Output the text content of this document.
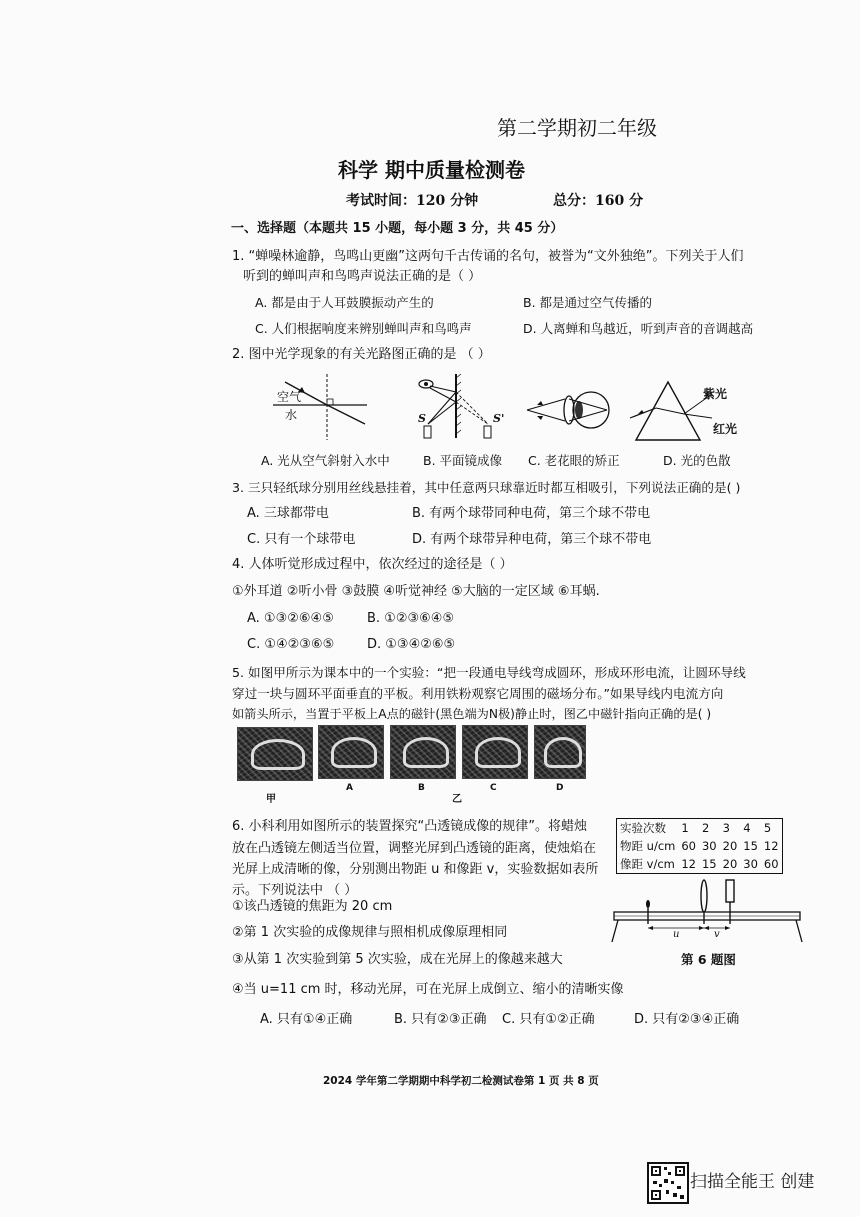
第二学期初二年级
科学 期中质量检测卷
考试时间：120 分钟	总分：160 分
一、选择题（本题共 15 小题，每小题 3 分，共 45 分）
1. “蝉噪林逾静，鸟鸣山更幽”这两句千古传诵的名句，被誉为“文外独绝”。下列关于人们
听到的蝉叫声和鸟鸣声说法正确的是（ ）
A. 都是由于人耳鼓膜振动产生的	B. 都是通过空气传播的
C. 人们根据响度来辨别蝉叫声和鸟鸣声	D. 人离蝉和鸟越近，听到声音的音调越高
2. 图中光学现象的有关光路图正确的是 （ ）
空气
水	S	S'
紫光
红光
A. 光从空气斜射入水中	B. 平面镜成像 C. 老花眼的矫正	D. 光的色散
3. 三只轻纸球分别用丝线悬挂着，其中任意两只球靠近时都互相吸引，下列说法正确的是( )
A. 三球都带电	B. 有两个球带同种电荷，第三个球不带电
C. 只有一个球带电	D. 有两个球带异种电荷，第三个球不带电
4. 人体听觉形成过程中，依次经过的途径是（ ）
①外耳道 ②听小骨 ③鼓膜 ④听觉神经 ⑤大脑的一定区域 ⑥耳蜗.
A. ①③②⑥④⑤	B. ①②③⑥④⑤
C. ①④②③⑥⑤	D. ①③④②⑥⑤
5. 如图甲所示为课本中的一个实验：“把一段通电导线弯成圆环，形成环形电流，让圆环导线
穿过一块与圆环平面垂直的平板。利用铁粉观察它周围的磁场分布。”如果导线内电流方向
如箭头所示，当置于平板上A点的磁针(黑色端为N极)静止时，图乙中磁针指向正确的是( )
A	B	C	D
甲	乙
6. 小科利用如图所示的装置探究“凸透镜成像的规律”。将蜡烛
放在凸透镜左侧适当位置，调整光屏到凸透镜的距离，使烛焰在
光屏上成清晰的像，分别测出物距 u 和像距 v，实验数据如表所
示。下列说法中 （ ）
实验次数	1	2	3	4	5
物距 u/cm	60	30	20	15	12
像距 v/cm	12	15	20	30	60
u	v
第 6 题图
①该凸透镜的焦距为 20 cm
②第 1 次实验的成像规律与照相机成像原理相同
③从第 1 次实验到第 5 次实验，成在光屏上的像越来越大
④当 u=11 cm 时，移动光屏，可在光屏上成倒立、缩小的清晰实像
A. 只有①④正确	B. 只有②③正确 C. 只有①②正确	D. 只有②③④正确
2024 学年第二学期期中科学初二检测试卷第 1 页 共 8 页
扫描全能王 创建
